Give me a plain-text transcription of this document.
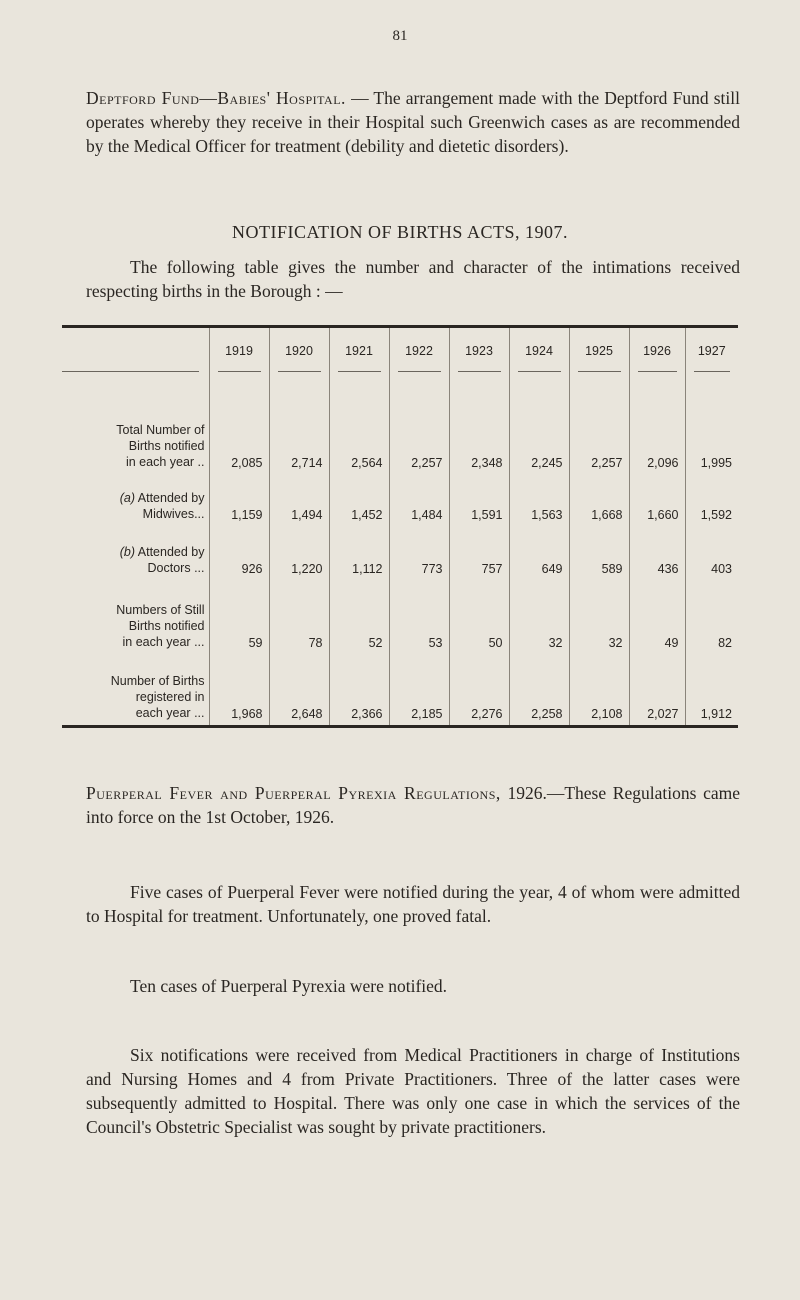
81

Deptford Fund—Babies' Hospital. — The arrangement made with the Deptford Fund still operates whereby they receive in their Hospital such Greenwich cases as are recommended by the Medical Officer for treatment (debility and dietetic disorders).

NOTIFICATION OF BIRTHS ACTS, 1907.

The following table gives the number and character of the intimations received respecting births in the Borough : —

	1919	1920	1921	1922	1923	1924	1925	1926	1927

Total Number of
Births notified
in each year ..	2,085	2,714	2,564	2,257	2,348	2,245	2,257	2,096	1,995
(a) Attended by
Midwives...	1,159	1,494	1,452	1,484	1,591	1,563	1,668	1,660	1,592
(b) Attended by
Doctors ...	926	1,220	1,112	773	757	649	589	436	403
Numbers of Still
Births notified
in each year ...	59	78	52	53	50	32	32	49	82
Number of Births
registered in
each year ...	1,968	2,648	2,366	2,185	2,276	2,258	2,108	2,027	1,912

Puerperal Fever and Puerperal Pyrexia Regulations, 1926.—These Regulations came into force on the 1st October, 1926.

Five cases of Puerperal Fever were notified during the year, 4 of whom were admitted to Hospital for treatment. Unfortunately, one proved fatal.

Ten cases of Puerperal Pyrexia were notified.

Six notifications were received from Medical Practitioners in charge of Institutions and Nursing Homes and 4 from Private Practitioners. Three of the latter cases were subsequently admitted to Hospital. There was only one case in which the services of the Council's Obstetric Specialist was sought by private practitioners.
